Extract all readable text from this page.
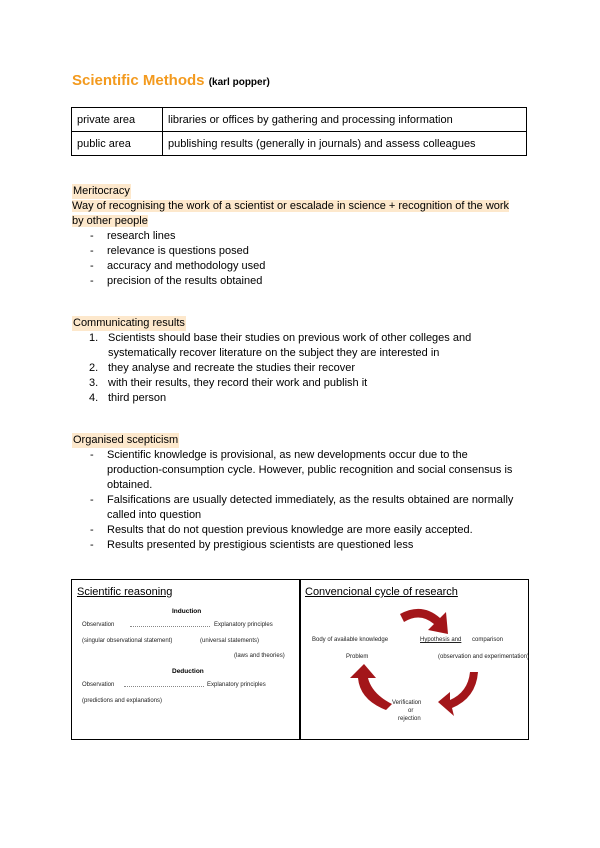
Scientific Methods (karl popper)
private area	libraries or offices by gathering and processing information
public area	publishing results (generally in journals) and assess colleagues
Meritocracy
Way of recognising the work of a scientist or escalade in science + recognition of the work by other people
- research lines
- relevance is questions posed
- accuracy and methodology used
- precision of the results obtained
Communicating results
1. Scientists should base their studies on previous work of other colleges and systematically recover literature on the subject they are interested in
2. they analyse and recreate the studies their recover
3. with their results, they record their work and publish it
4. third person
Organised scepticism
- Scientific knowledge is provisional, as new developments occur due to the production-consumption cycle. However, public recognition and social consensus is obtained.
- Falsifications are usually detected immediately, as the results obtained are normally called into question
- Results that do not question previous knowledge are more easily accepted.
- Results presented by prestigious scientists are questioned less
Scientific reasoning
Induction
Observation	Explanatory principles
(singular observational statement)	(universal statements)
(laws and theories)
Deduction
Observation	Explanatory principles
(predictions and explanations)
Convencional cycle of research
Body of available knowledge	Hypothesis and comparison
Problem	(observation and experimentation)
Verification
or
rejection
